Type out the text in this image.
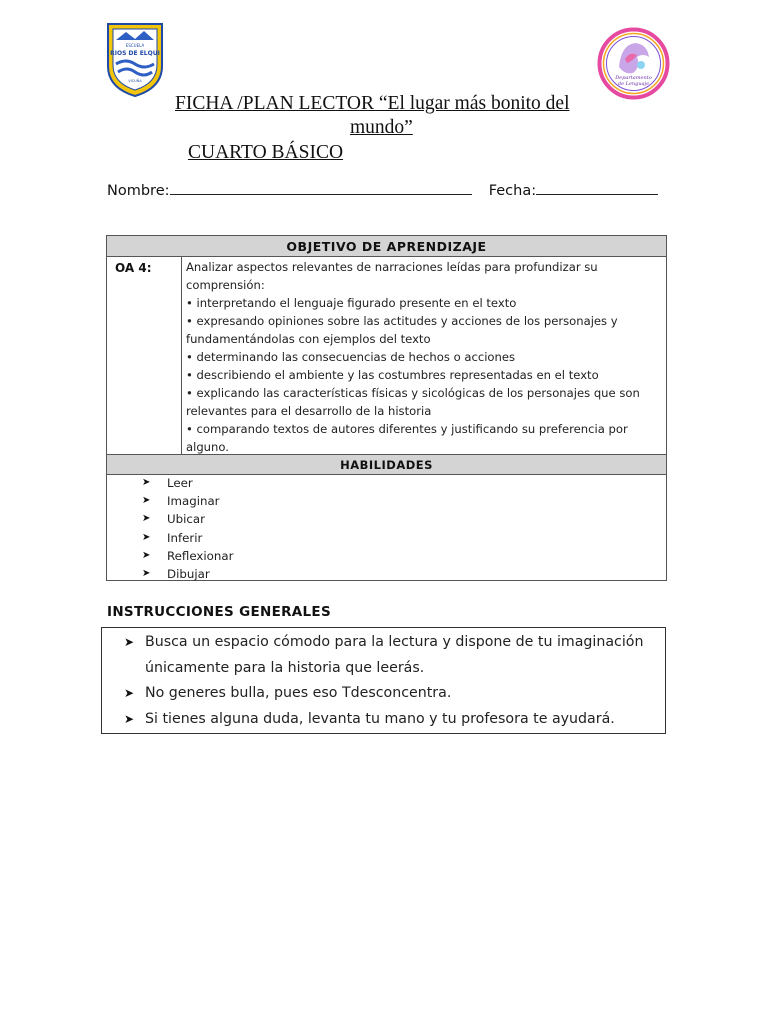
ESCUELA
RIOS DE ELQUI
VICUÑA	Departamento
de Lenguaje
FICHA /PLAN LECTOR “El lugar más bonito del
mundo”
CUARTO BÁSICO
Nombre:	Fecha:
OBJETIVO DE APRENDIZAJE
OA 4:	Analizar aspectos relevantes de narraciones leídas para profundizar su
comprensión:
• interpretando el lenguaje figurado presente en el texto
• expresando opiniones sobre las actitudes y acciones de los personajes y
fundamentándolas con ejemplos del texto
• determinando las consecuencias de hechos o acciones
• describiendo el ambiente y las costumbres representadas en el texto
• explicando las características físicas y sicológicas de los personajes que son
relevantes para el desarrollo de la historia
• comparando textos de autores diferentes y justificando su preferencia por
alguno.
HABILIDADES
➤ Leer
➤ Imaginar
➤ Ubicar
➤ Inferir
➤ Reflexionar
➤ Dibujar
INSTRUCCIONES GENERALES
➤ Busca un espacio cómodo para la lectura y dispone de tu imaginación
únicamente para la historia que leerás.
➤ No generes bulla, pues eso Tdesconcentra.
➤ Si tienes alguna duda, levanta tu mano y tu profesora te ayudará.
